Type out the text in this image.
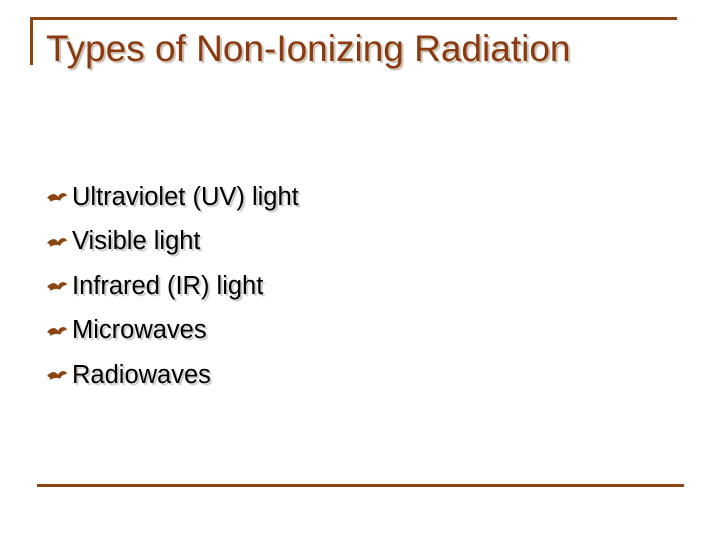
Types of Non-Ionizing Radiation
Ultraviolet (UV) light
Visible light
Infrared (IR) light
Microwaves
Radiowaves
